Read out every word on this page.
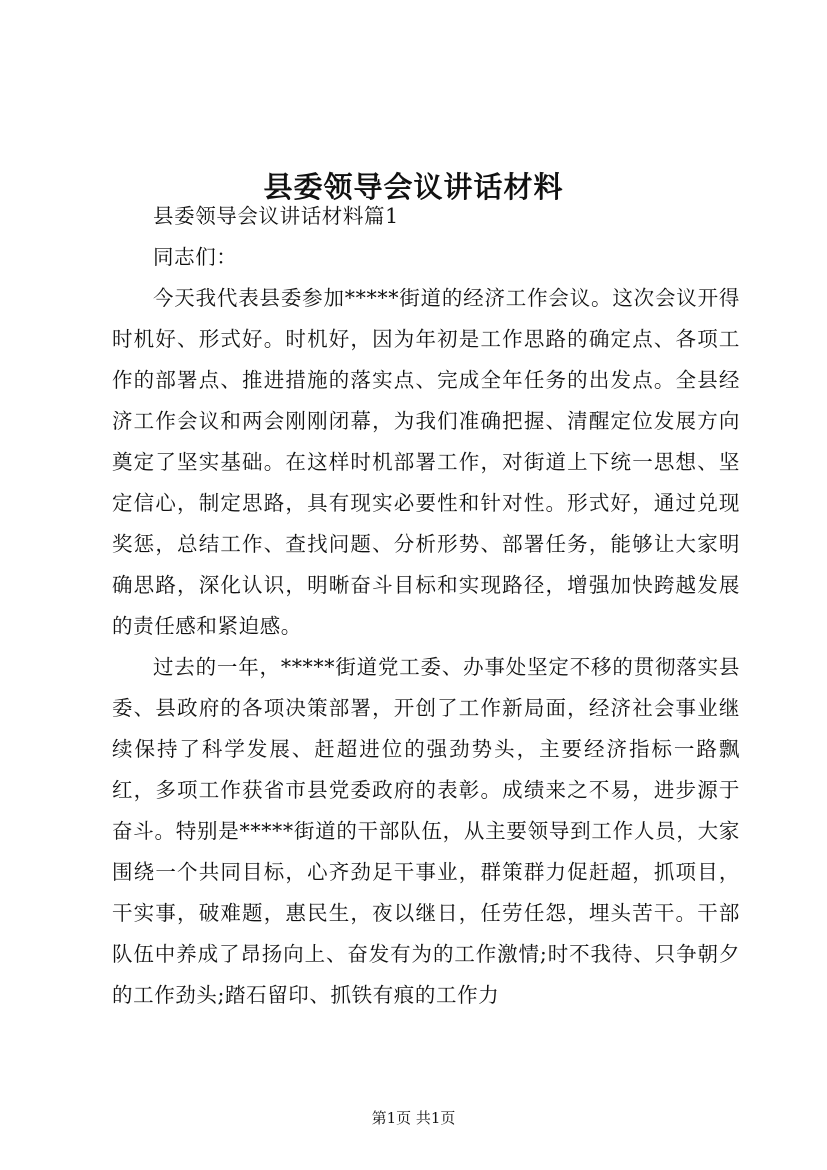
县委领导会议讲话材料

县委领导会议讲话材料篇1

同志们：

今天我代表县委参加*****街道的经济工作会议。这次会议开得时机好、形式好。时机好，因为年初是工作思路的确定点、各项工作的部署点、推进措施的落实点、完成全年任务的出发点。全县经济工作会议和两会刚刚闭幕，为我们准确把握、清醒定位发展方向奠定了坚实基础。在这样时机部署工作，对街道上下统一思想、坚定信心，制定思路，具有现实必要性和针对性。形式好，通过兑现奖惩，总结工作、查找问题、分析形势、部署任务，能够让大家明确思路，深化认识，明晰奋斗目标和实现路径，增强加快跨越发展的责任感和紧迫感。

过去的一年，*****街道党工委、办事处坚定不移的贯彻落实县委、县政府的各项决策部署，开创了工作新局面，经济社会事业继续保持了科学发展、赶超进位的强劲势头，主要经济指标一路飘红，多项工作获省市县党委政府的表彰。成绩来之不易，进步源于奋斗。特别是*****街道的干部队伍，从主要领导到工作人员，大家围绕一个共同目标，心齐劲足干事业，群策群力促赶超，抓项目，干实事，破难题，惠民生，夜以继日，任劳任怨，埋头苦干。干部队伍中养成了昂扬向上、奋发有为的工作激情;时不我待、只争朝夕的工作劲头;踏石留印、抓铁有痕的工作力

第1页 共1页
